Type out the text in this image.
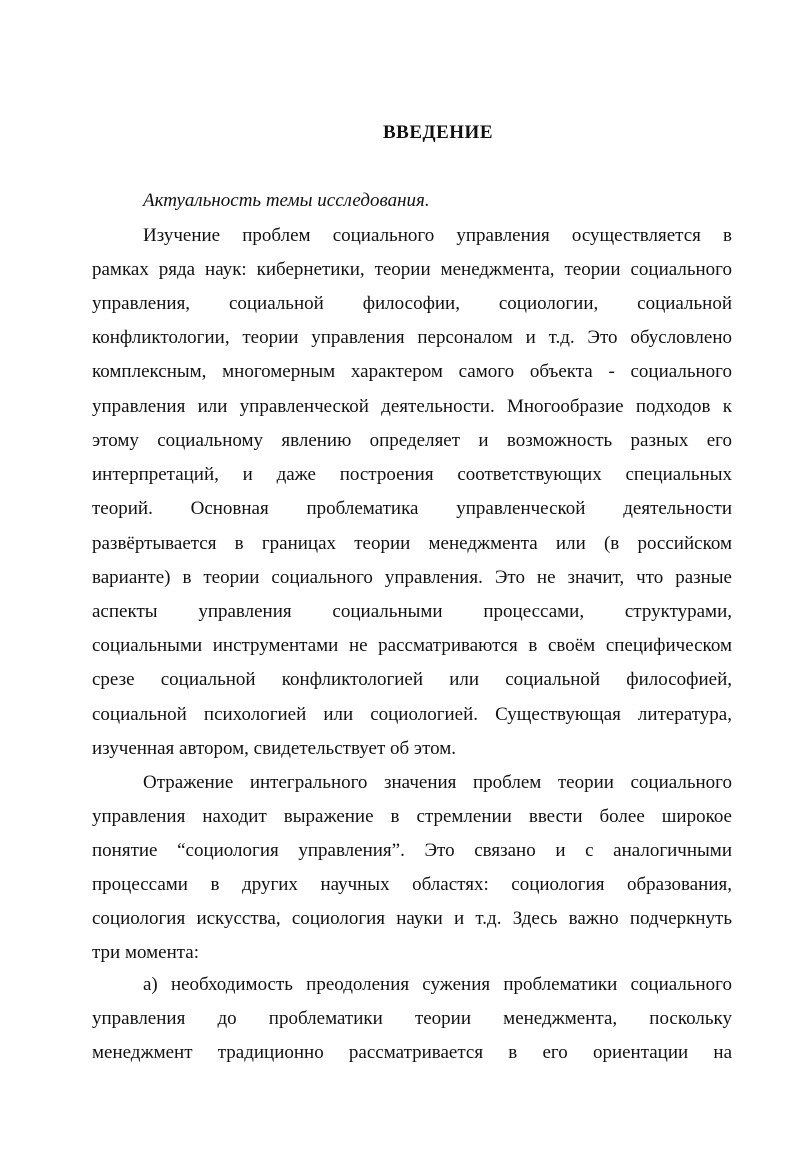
ВВЕДЕНИЕ
Актуальность темы исследования.
Изучение проблем социального управления осуществляется в
рамках ряда наук: кибернетики, теории менеджмента, теории социального
управления, социальной философии, социологии, социальной
конфликтологии, теории управления персоналом и т.д. Это обусловлено
комплексным, многомерным характером самого объекта - социального
управления или управленческой деятельности. Многообразие подходов к
этому социальному явлению определяет и возможность разных его
интерпретаций, и даже построения соответствующих специальных
теорий. Основная проблематика управленческой деятельности
развёртывается в границах теории менеджмента или (в российском
варианте) в теории социального управления. Это не значит, что разные
аспекты управления социальными процессами, структурами,
социальными инструментами не рассматриваются в своём специфическом
срезе социальной конфликтологией или социальной философией,
социальной психологией или социологией. Существующая литература,
изученная автором, свидетельствует об этом.
Отражение интегрального значения проблем теории социального
управления находит выражение в стремлении ввести более широкое
понятие “социология управления”. Это связано и с аналогичными
процессами в других научных областях: социология образования,
социология искусства, социология науки и т.д. Здесь важно подчеркнуть
три момента:
а) необходимость преодоления сужения проблематики социального
управления до проблематики теории менеджмента, поскольку
менеджмент традиционно рассматривается в его ориентации на
